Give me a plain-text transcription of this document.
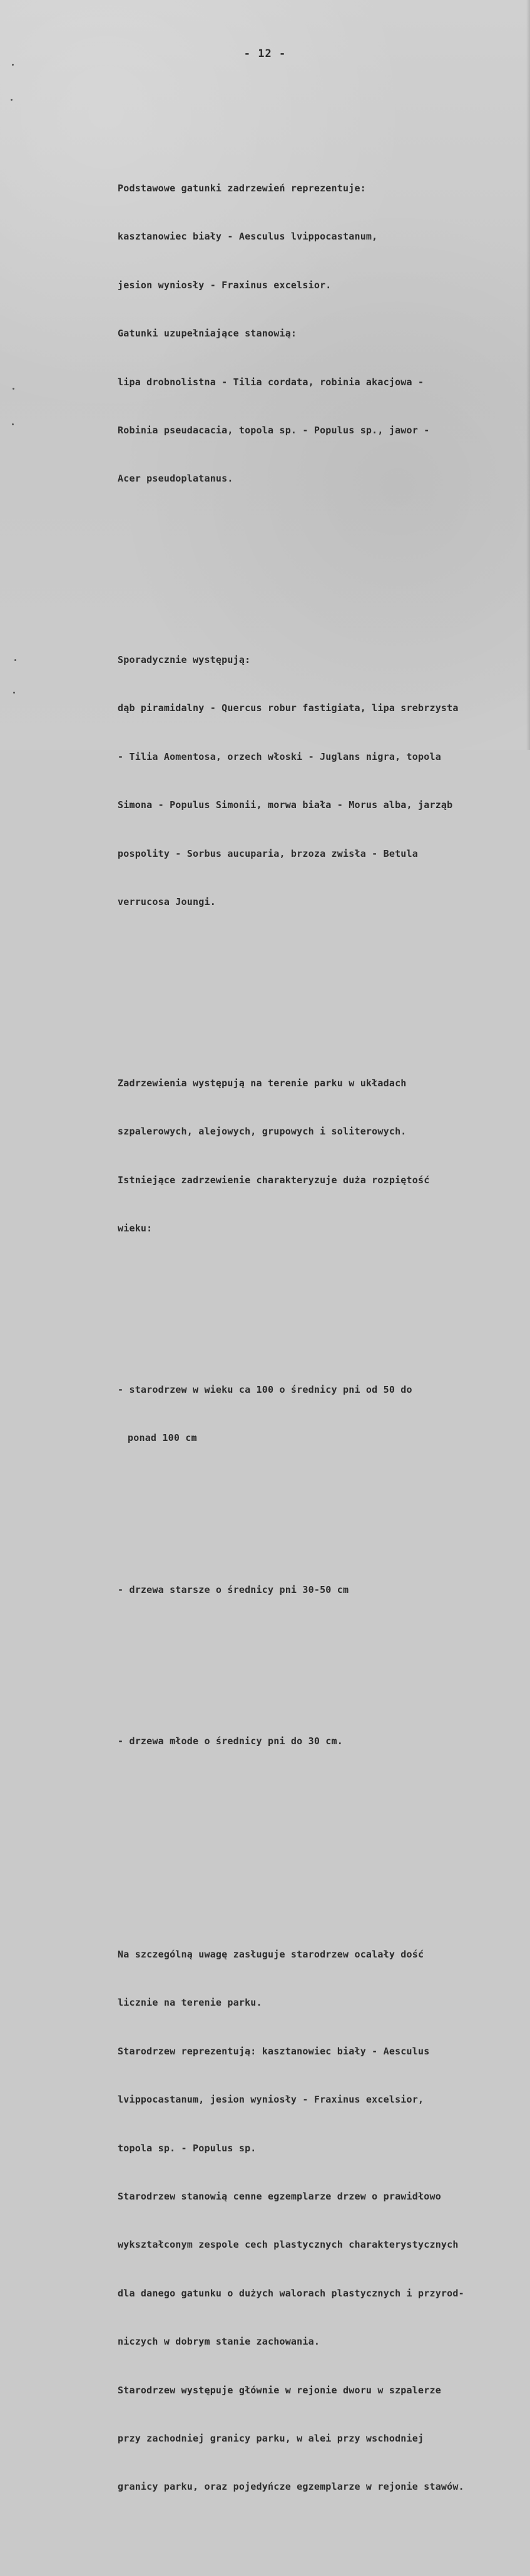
- 12 -

Podstawowe gatunki zadrzewień reprezentuje:

kasztanowiec biały - Aesculus lvippocastanum,

jesion wyniosły - Fraxinus excelsior.

Gatunki uzupełniające stanowią:

lipa drobnolistna - Tilia cordata, robinia akacjowa -

Robinia pseudacacia, topola sp. - Populus sp., jawor -

Acer pseudoplatanus.

Sporadycznie występują:

dąb piramidalny - Quercus robur fastigiata, lipa srebrzysta

- Tilia Aomentosa, orzech włoski - Juglans nigra, topola

Simona - Populus Simonii, morwa biała - Morus alba, jarząb

pospolity - Sorbus aucuparia, brzoza zwisła - Betula

verrucosa Joungi.

Zadrzewienia występują na terenie parku w układach

szpalerowych, alejowych, grupowych i soliterowych.

Istniejące zadrzewienie charakteryzuje duża rozpiętość

wieku:

- starodrzew w wieku ca 100 o średnicy pni od 50 do

ponad 100 cm

- drzewa starsze o średnicy pni 30-50 cm

- drzewa młode o średnicy pni do 30 cm.

Na szczególną uwagę zasługuje starodrzew ocalały dość

licznie na terenie parku.

Starodrzew reprezentują: kasztanowiec biały - Aesculus

lvippocastanum, jesion wyniosły - Fraxinus excelsior,

topola sp. - Populus sp.

Starodrzew stanowią cenne egzemplarze drzew o prawidłowo

wykształconym zespole cech plastycznych charakterystycznych

dla danego gatunku o dużych walorach plastycznych i przyrod-

niczych w dobrym stanie zachowania.

Starodrzew występuje głównie w rejonie dworu w szpalerze

przy zachodniej granicy parku, w alei przy wschodniej

granicy parku, oraz pojedyńcze egzemplarze w rejonie stawów.
